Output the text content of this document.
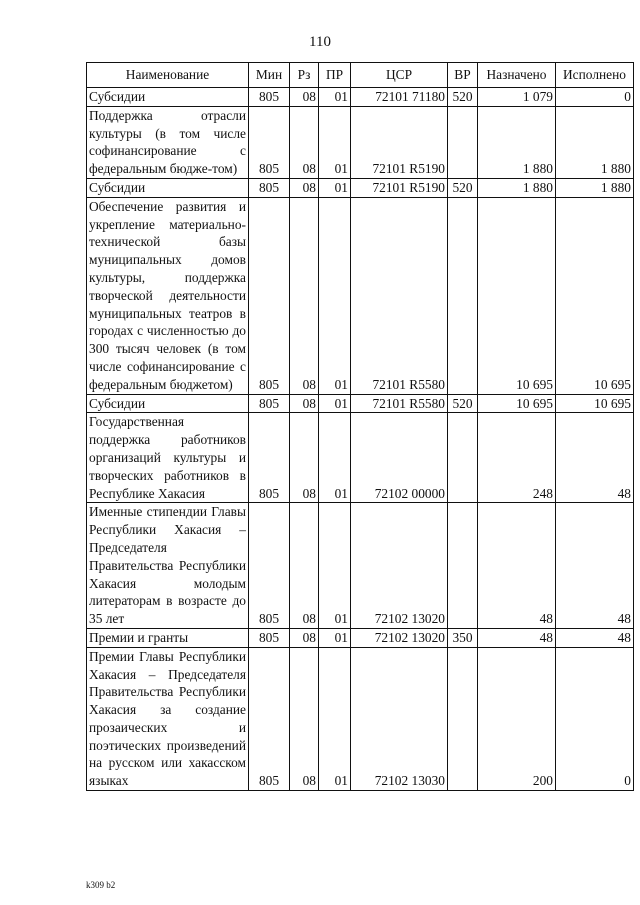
110
Наименование	Мин	Рз	ПР	ЦСР	ВР	Назначено	Исполнено

Субсидии	805	08	01	72101 71180	520	1 079	0

Поддержка отрасли культуры (в том числе софинансирование с федеральным бюдже-том)	805	08	01	72101 R5190		1 880	1 880

Субсидии	805	08	01	72101 R5190	520	1 880	1 880

Обеспечение развития и укрепление материально-технической базы муниципальных домов культуры, поддержка творческой деятельности муниципальных театров в городах с численностью до 300 тысяч человек (в том числе софинансирование с федеральным бюджетом)	805	08	01	72101 R5580		10 695	10 695

Субсидии	805	08	01	72101 R5580	520	10 695	10 695

Государственная поддержка работников организаций культуры и творческих работников в Республике Хакасия	805	08	01	72102 00000		248	48

Именные стипендии Главы Республики Хакасия – Председателя Правительства Республики Хакасия молодым литераторам в возрасте до 35 лет	805	08	01	72102 13020		48	48

Премии и гранты	805	08	01	72102 13020	350	48	48

Премии Главы Республики Хакасия – Председателя Правительства Республики Хакасия за создание прозаических и поэтических произведений на русском или хакасском языках	805	08	01	72102 13030		200	0
k309 b2
